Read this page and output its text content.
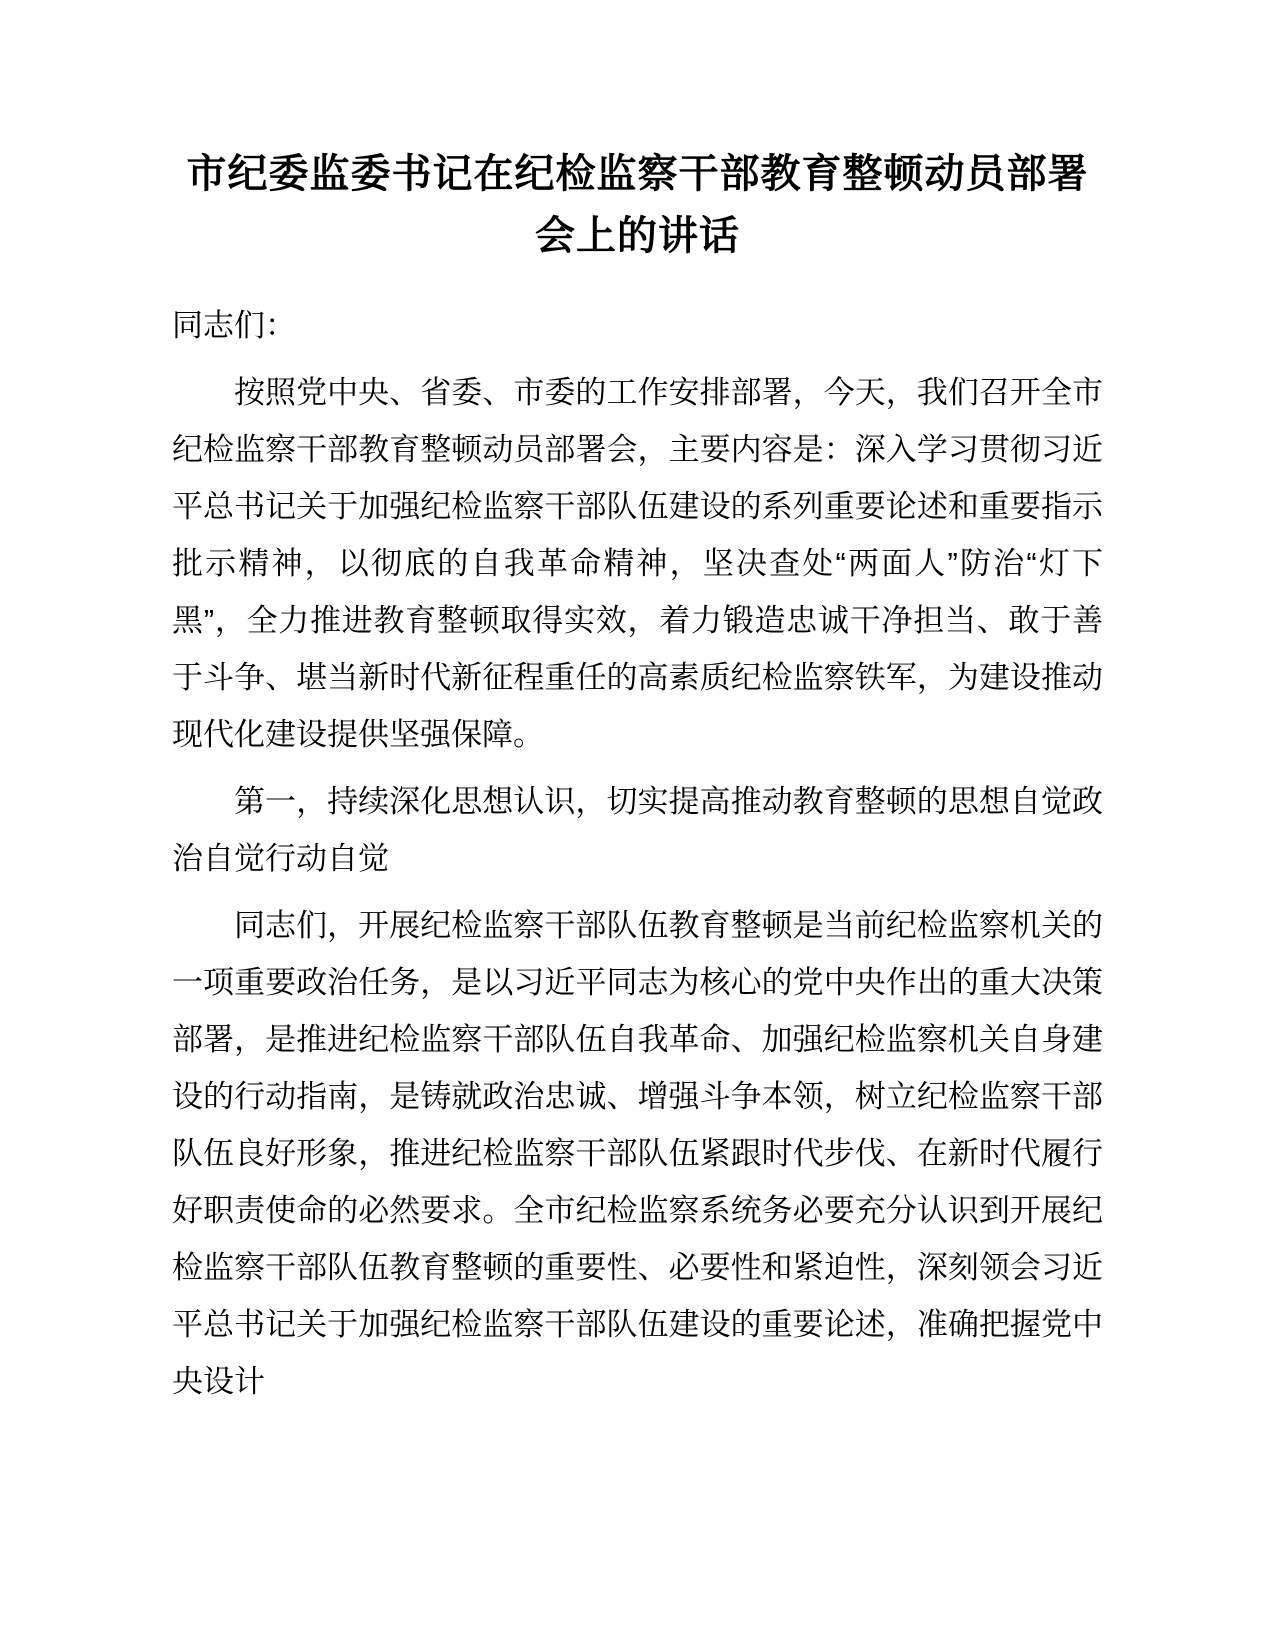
市纪委监委书记在纪检监察干部教育整顿动员部署会上的讲话

同志们：

按照党中央、省委、市委的工作安排部署，今天，我们召开全市纪检监察干部教育整顿动员部署会，主要内容是：深入学习贯彻习近平总书记关于加强纪检监察干部队伍建设的系列重要论述和重要指示批示精神，以彻底的自我革命精神，坚决查处“两面人”防治“灯下黑”，全力推进教育整顿取得实效，着力锻造忠诚干净担当、敢于善于斗争、堪当新时代新征程重任的高素质纪检监察铁军，为建设推动现代化建设提供坚强保障。

第一，持续深化思想认识，切实提高推动教育整顿的思想自觉政治自觉行动自觉

同志们，开展纪检监察干部队伍教育整顿是当前纪检监察机关的一项重要政治任务，是以习近平同志为核心的党中央作出的重大决策部署，是推进纪检监察干部队伍自我革命、加强纪检监察机关自身建设的行动指南，是铸就政治忠诚、增强斗争本领，树立纪检监察干部队伍良好形象，推进纪检监察干部队伍紧跟时代步伐、在新时代履行好职责使命的必然要求。全市纪检监察系统务必要充分认识到开展纪检监察干部队伍教育整顿的重要性、必要性和紧迫性，深刻领会习近平总书记关于加强纪检监察干部队伍建设的重要论述，准确把握党中央设计
